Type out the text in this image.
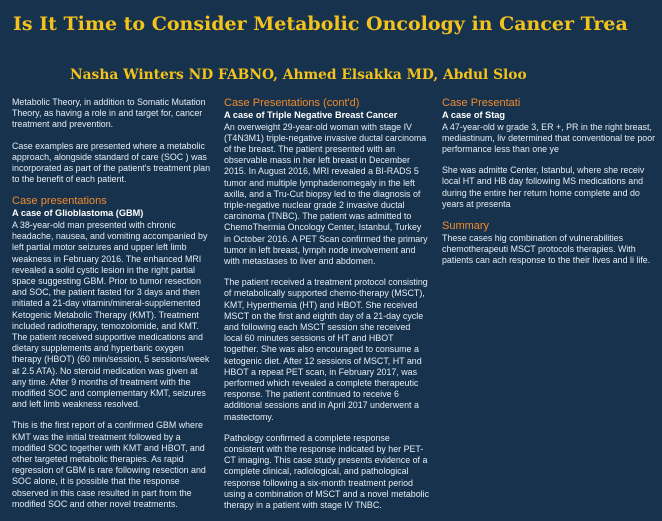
Is It Time to Consider Metabolic Oncology in Cancer Trea
Nasha Winters ND FABNO, Ahmed Elsakka MD, Abdul Sloo

Metabolic Theory, in addition to Somatic Mutation Theory, as having a role in and target for, cancer treatment and prevention.

Case examples are presented where a metabolic approach, alongside standard of care (SOC ) was incorporated as part of the patient's treatment plan to the benefit of each patient.

Case presentations
A case of Glioblastoma (GBM)

A 38-year-old man presented with chronic headache, nausea, and vomiting accompanied by left partial motor seizures and upper left limb weakness in February 2016. The enhanced MRI revealed a solid cystic lesion in the right partial space suggesting GBM. Prior to tumor resection and SOC, the patient fasted for 3 days and then initiated a 21-day vitamin/mineral-supplemented Ketogenic Metabolic Therapy (KMT). Treatment included radiotherapy, temozolomide, and KMT. The patient received supportive medications and dietary supplements and hyperbaric oxygen therapy (HBOT) (60 min/session, 5 sessions/week at 2.5 ATA). No steroid medication was given at any time. After 9 months of treatment with the modified SOC and complementary KMT, seizures and left limb weakness resolved.

This is the first report of a confirmed GBM where KMT was the initial treatment followed by a modified SOC together with KMT and HBOT, and other targeted metabolic therapies. As rapid regression of GBM is rare following resection and SOC alone, it is possible that the response observed in this case resulted in part from the modified SOC and other novel treatments.

Case Presentations (cont'd)
A case of Triple Negative Breast Cancer

An overweight 29-year-old woman with stage IV (T4N3M1) triple-negative invasive ductal carcinoma of the breast. The patient presented with an observable mass in her left breast in December 2015. In August 2016, MRI revealed a BI-RADS 5 tumor and multiple lymphadenomegaly in the left axilla, and a Tru-Cut biopsy led to the diagnosis of triple-negative nuclear grade 2 invasive ductal carcinoma (TNBC). The patient was admitted to ChemoThermia Oncology Center, Istanbul, Turkey in October 2016. A PET Scan confirmed the primary tumor in left breast, lymph node involvement and with metastases to liver and abdomen.

The patient received a treatment protocol consisting of metabolically supported chemo-therapy (MSCT), KMT, Hyperthemia (HT) and HBOT. She received MSCT on the first and eighth day of a 21-day cycle and following each MSCT session she received local 60 minutes sessions of HT and HBOT together. She was also encouraged to consume a ketogenic diet. After 12 sessions of MSCT, HT and HBOT a repeat PET scan, in February 2017, was performed which revealed a complete therapeutic response. The patient continued to receive 6 additional sessions and in April 2017 underwent a mastectomy.

Pathology confirmed a complete response consistent with the response indicated by her PET-CT imaging. This case study presents evidence of a complete clinical, radiological, and pathological response following a six-month treatment period using a combination of MSCT and a novel metabolic therapy in a patient with stage IV TNBC.

Case Presentati
A case of Stag

A 47-year-old w grade 3, ER +, PR in the right breast, mediastinum, liv determined that conventional tre poor performance less than one ye

She was admitte Center, Istanbul, where she receiv local HT and HB day following MS medications and during the entire her return home complete and do years at presenta

Summary

These cases hig combination of vulnerabilities chemotherapeuti MSCT protocols therapies. With patients can ach response to the their lives and li life.
